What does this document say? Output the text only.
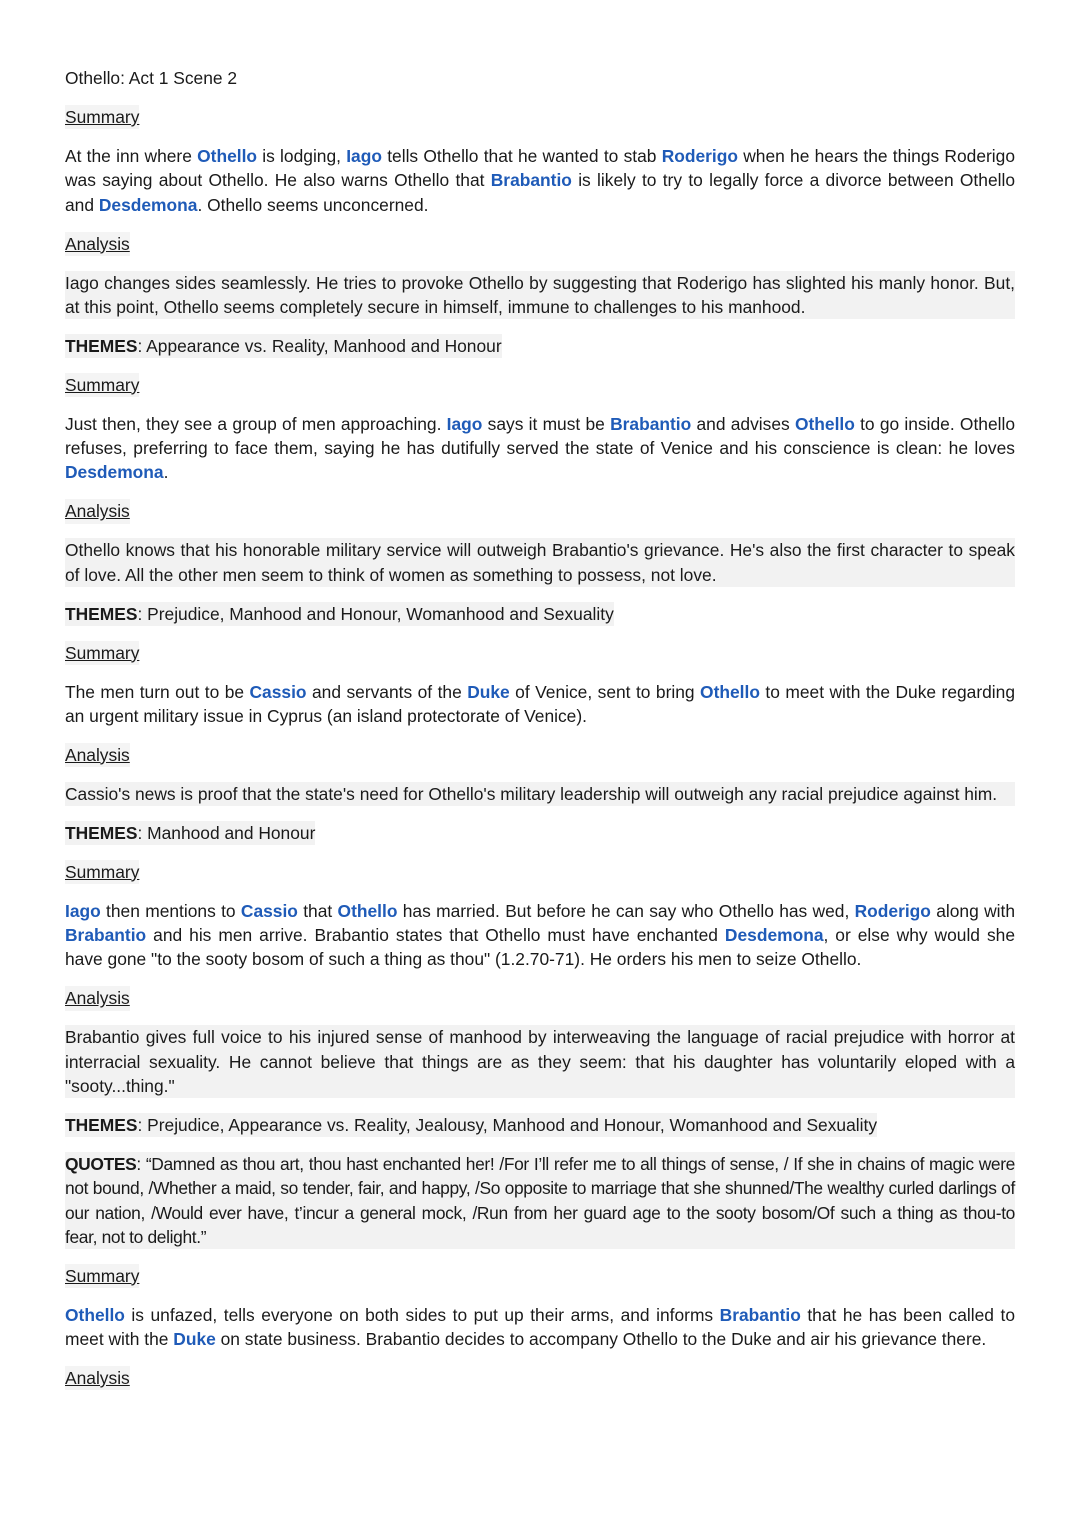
Othello: Act 1 Scene 2
Summary

At the inn where Othello is lodging, Iago tells Othello that he wanted to stab Roderigo when he hears the things Roderigo was saying about Othello. He also warns Othello that Brabantio is likely to try to legally force a divorce between Othello and Desdemona. Othello seems unconcerned.

Analysis

Iago changes sides seamlessly. He tries to provoke Othello by suggesting that Roderigo has slighted his manly honor. But, at this point, Othello seems completely secure in himself, immune to challenges to his manhood.

THEMES: Appearance vs. Reality, Manhood and Honour
Summary

Just then, they see a group of men approaching. Iago says it must be Brabantio and advises Othello to go inside. Othello refuses, preferring to face them, saying he has dutifully served the state of Venice and his conscience is clean: he loves Desdemona.

Analysis

Othello knows that his honorable military service will outweigh Brabantio's grievance. He's also the first character to speak of love. All the other men seem to think of women as something to possess, not love.

THEMES: Prejudice, Manhood and Honour, Womanhood and Sexuality
Summary

The men turn out to be Cassio and servants of the Duke of Venice, sent to bring Othello to meet with the Duke regarding an urgent military issue in Cyprus (an island protectorate of Venice).

Analysis

Cassio's news is proof that the state's need for Othello's military leadership will outweigh any racial prejudice against him.

THEMES: Manhood and Honour
Summary

Iago then mentions to Cassio that Othello has married. But before he can say who Othello has wed, Roderigo along with Brabantio and his men arrive. Brabantio states that Othello must have enchanted Desdemona, or else why would she have gone "to the sooty bosom of such a thing as thou" (1.2.70-71). He orders his men to seize Othello.

Analysis

Brabantio gives full voice to his injured sense of manhood by interweaving the language of racial prejudice with horror at interracial sexuality. He cannot believe that things are as they seem: that his daughter has voluntarily eloped with a "sooty...thing."

THEMES: Prejudice, Appearance vs. Reality, Jealousy, Manhood and Honour, Womanhood and Sexuality

QUOTES: “Damned as thou art, thou hast enchanted her! /For I’ll refer me to all things of sense, / If she in chains of magic were not bound, /Whether a maid, so tender, fair, and happy, /So opposite to marriage that she shunned/The wealthy curled darlings of our nation, /Would ever have, t’incur a general mock, /Run from her guard age to the sooty bosom/Of such a thing as thou-to fear, not to delight.”

Summary

Othello is unfazed, tells everyone on both sides to put up their arms, and informs Brabantio that he has been called to meet with the Duke on state business. Brabantio decides to accompany Othello to the Duke and air his grievance there.

Analysis
